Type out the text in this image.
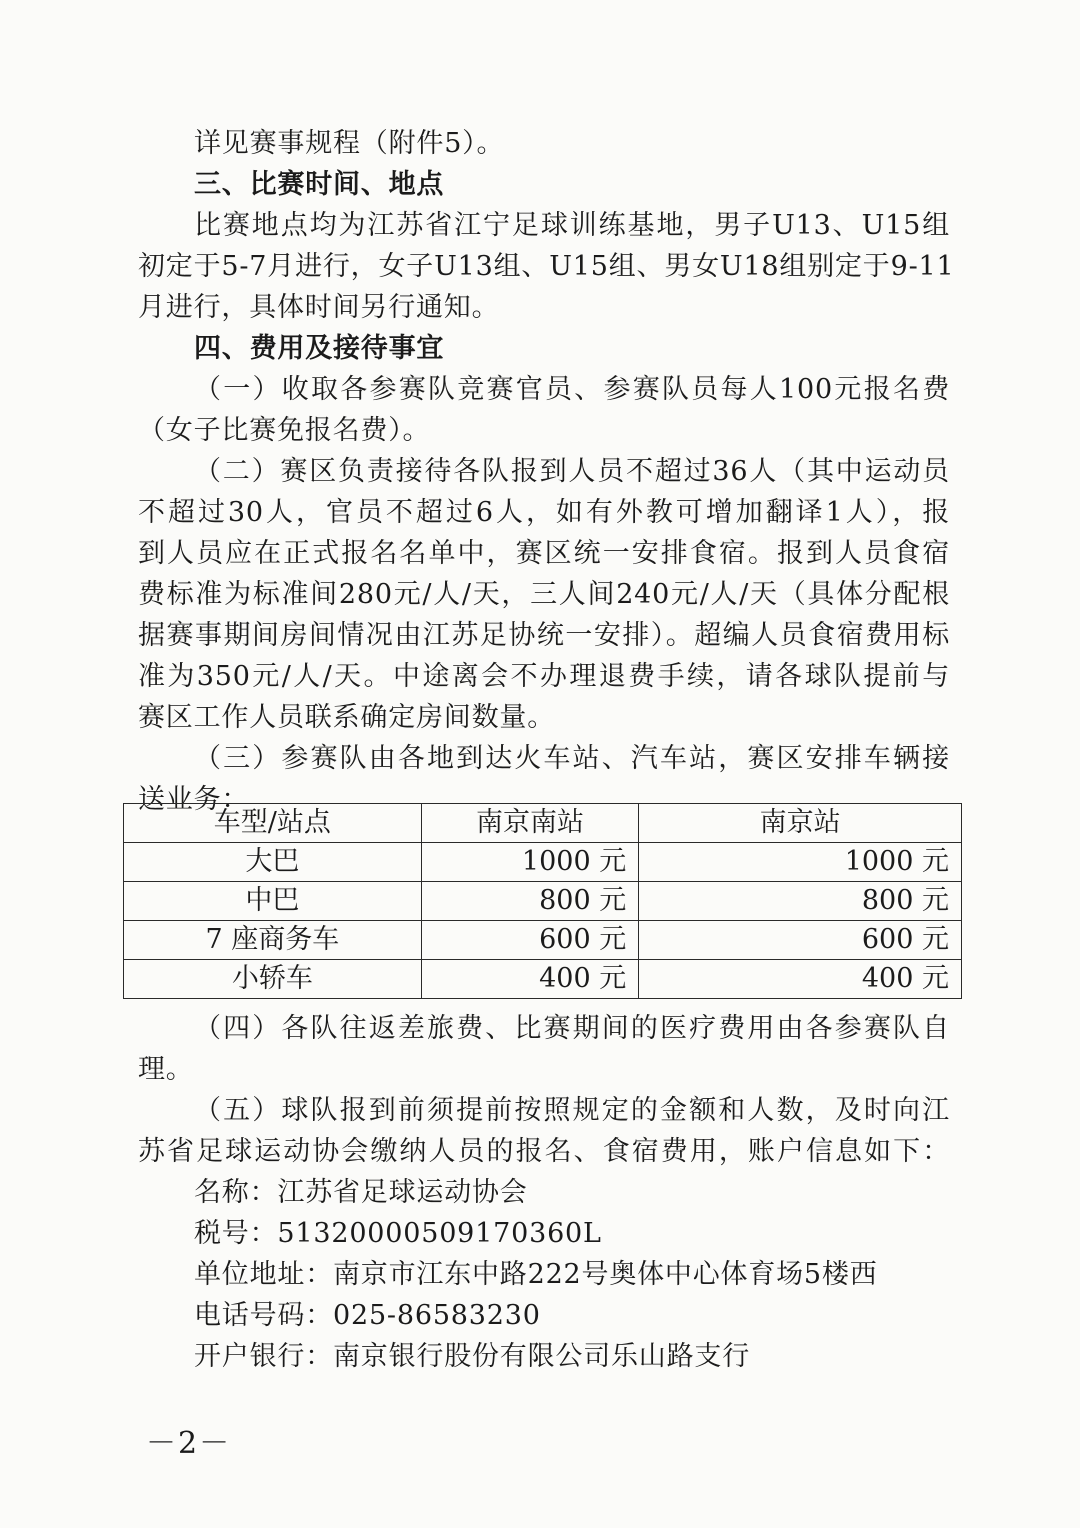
详见赛事规程（附件5）。
三、比赛时间、地点
比赛地点均为江苏省江宁足球训练基地，男子U13、U15组
初定于5-7月进行，女子U13组、U15组、男女U18组别定于9-11
月进行，具体时间另行通知。
四、费用及接待事宜
（一）收取各参赛队竞赛官员、参赛队员每人100元报名费
（女子比赛免报名费）。
（二）赛区负责接待各队报到人员不超过36人（其中运动员
不超过30人，官员不超过6人，如有外教可增加翻译1人），报
到人员应在正式报名名单中，赛区统一安排食宿。报到人员食宿
费标准为标准间280元/人/天，三人间240元/人/天（具体分配根
据赛事期间房间情况由江苏足协统一安排）。超编人员食宿费用标
准为350元/人/天。中途离会不办理退费手续，请各球队提前与
赛区工作人员联系确定房间数量。
（三）参赛队由各地到达火车站、汽车站，赛区安排车辆接
送业务：
车型/站点	南京南站	南京站
大巴	1000 元	1000 元
中巴	800 元	800 元
7 座商务车	600 元	600 元
小轿车	400 元	400 元
（四）各队往返差旅费、比赛期间的医疗费用由各参赛队自
理。
（五）球队报到前须提前按照规定的金额和人数，及时向江
苏省足球运动协会缴纳人员的报名、食宿费用，账户信息如下：
名称：江苏省足球运动协会
税号：51320000509170360L
单位地址：南京市江东中路222号奥体中心体育场5楼西
电话号码：025-86583230
开户银行：南京银行股份有限公司乐山路支行
－2－
